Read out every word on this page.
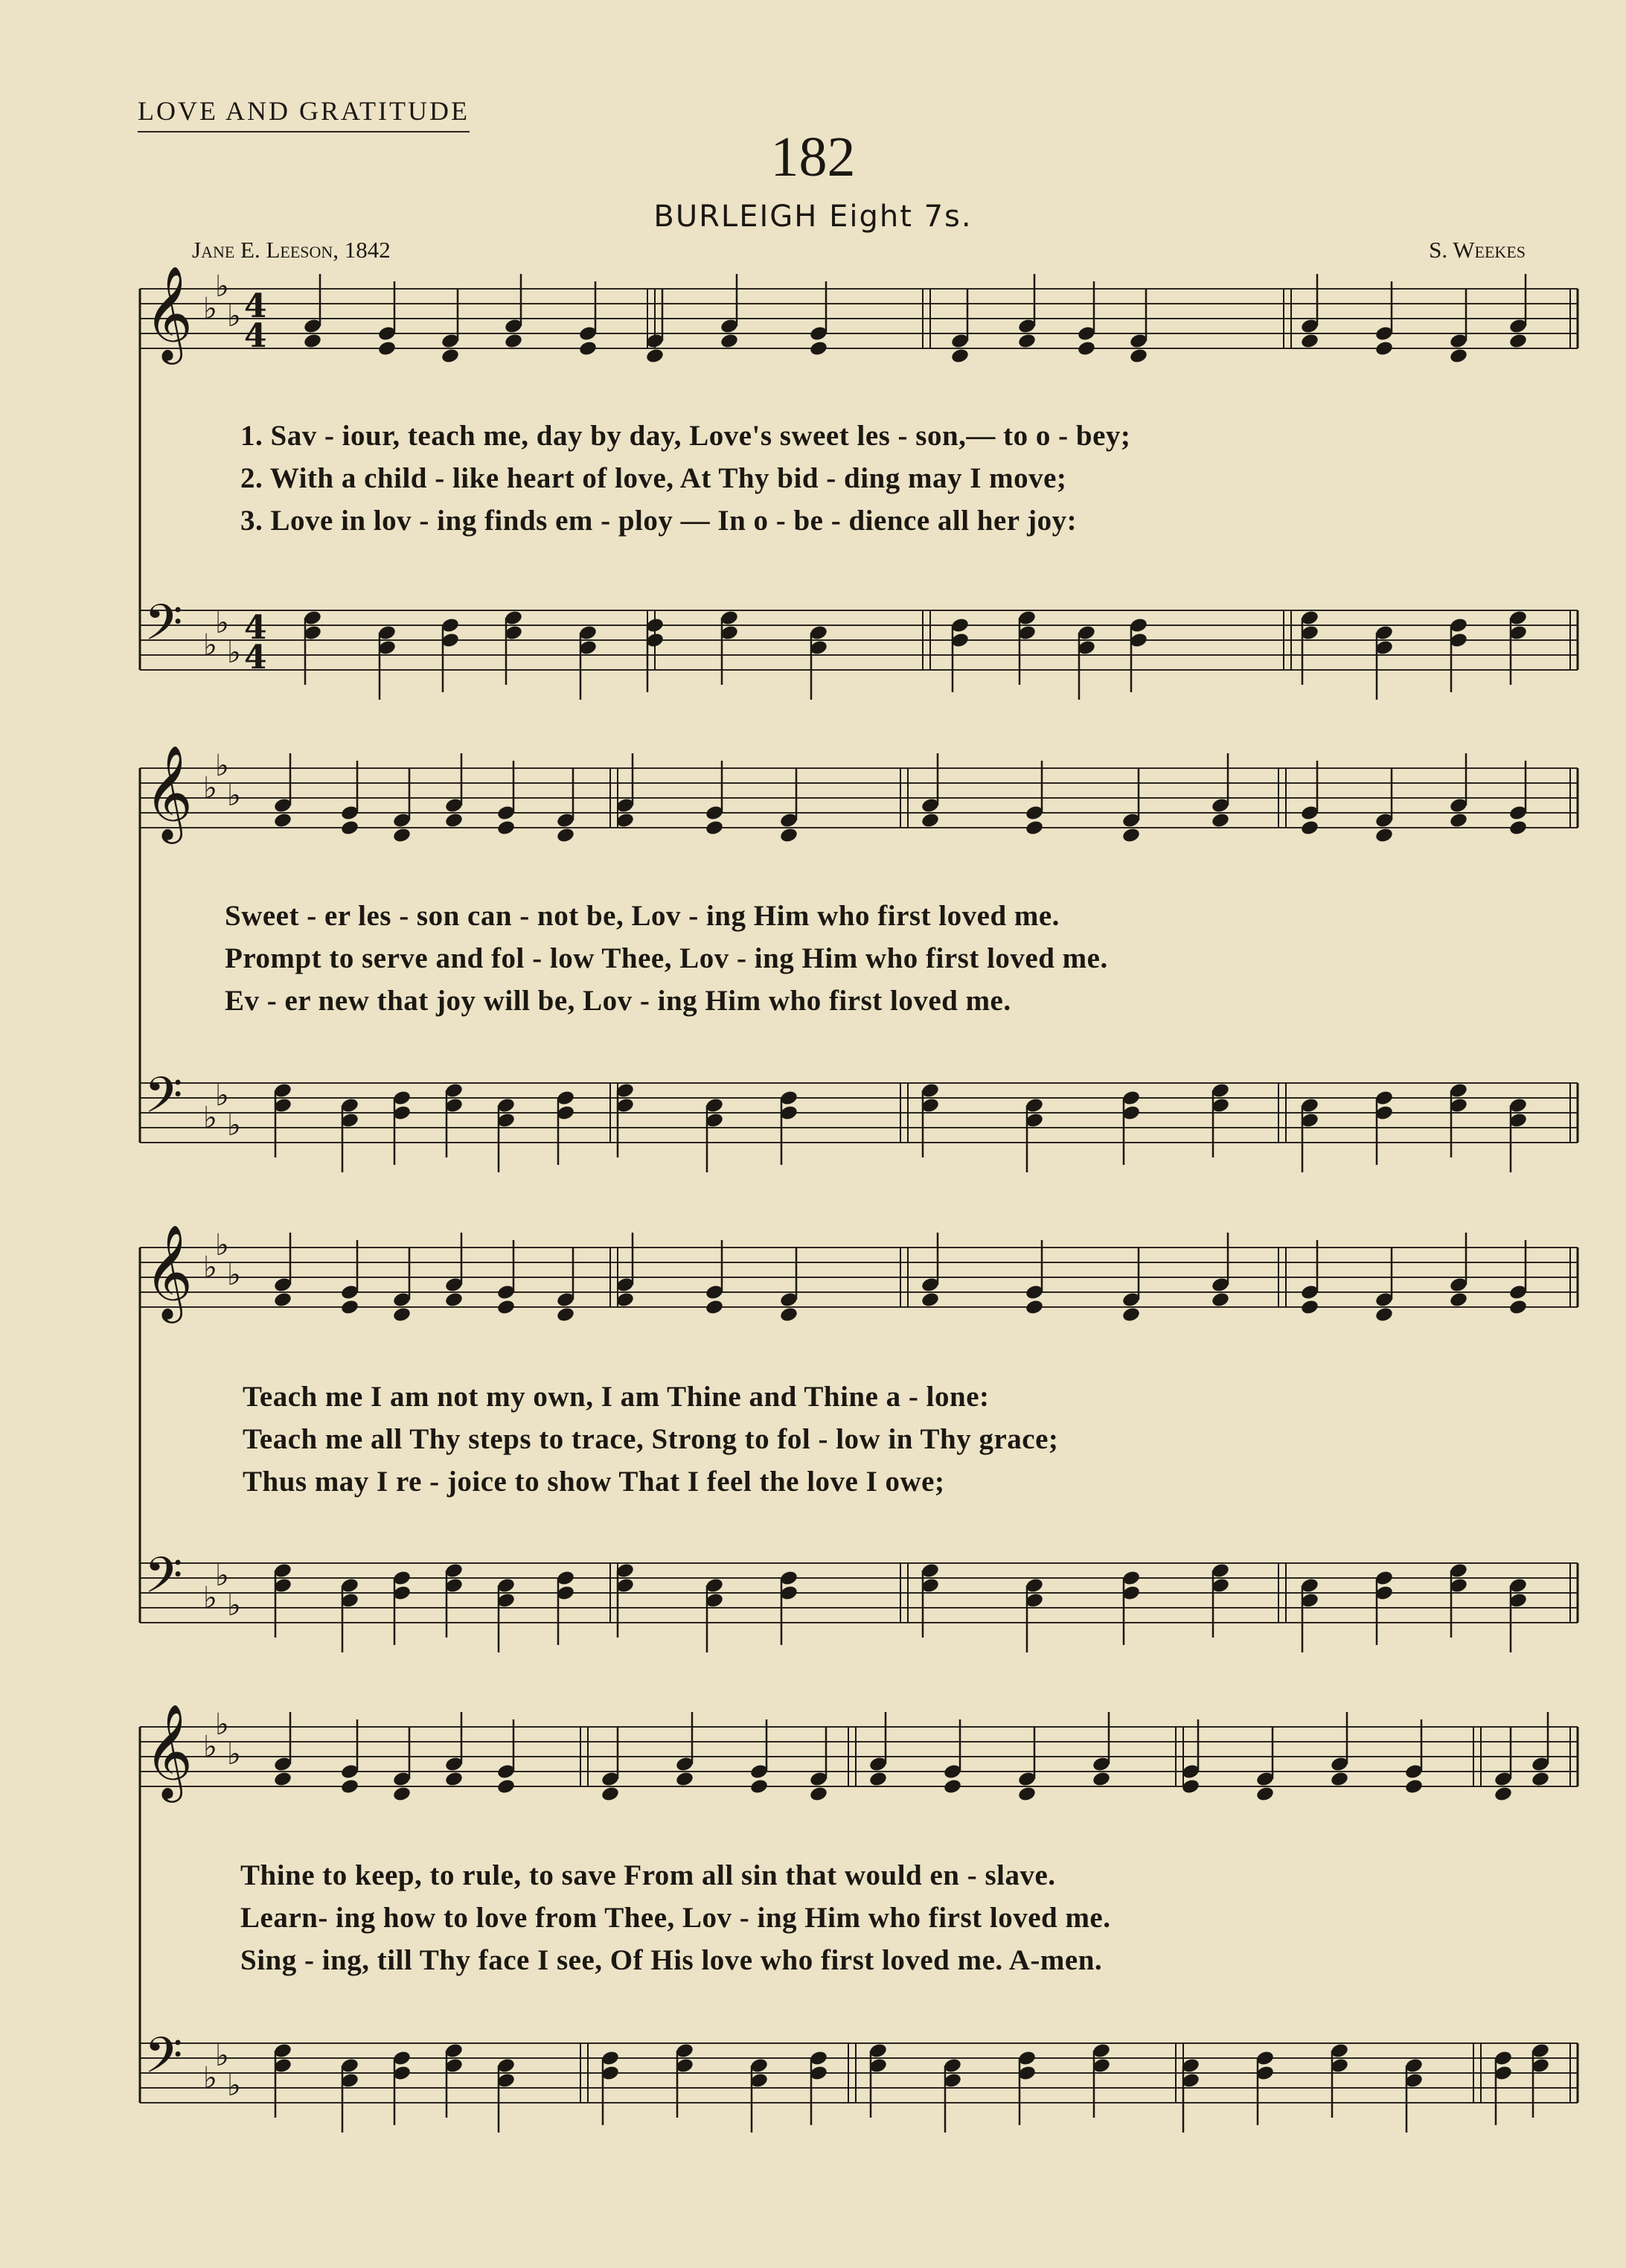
LOVE AND GRATITUDE
182
BURLEIGH Eight 7s.
Jane E. Leeson, 1842	S. Weekes
𝄞 ♭
♭
♭ 4
4
𝄢 ♭
♭
♭
4
4
𝄞 ♭
♭
♭
𝄢 ♭
♭
♭
𝄞 ♭
♭
♭
𝄢 ♭
♭
♭
𝄞 ♭
♭
♭
𝄢 ♭
♭
♭
1. Sav - iour, teach me, day by day, Love's sweet les - son,— to o - bey;
2. With a child - like heart of love, At Thy bid - ding may I move;
3. Love in lov - ing finds em - ploy — In o - be - dience all her joy:
Sweet - er les - son can - not be, Lov - ing Him who first loved me.
Prompt to serve and fol - low Thee, Lov - ing Him who first loved me.
Ev - er new that joy will be, Lov - ing Him who first loved me.
Teach me I am not my own, I am Thine and Thine a - lone:
Teach me all Thy steps to trace, Strong to fol - low in Thy grace;
Thus may I re - joice to show That I feel the love I owe;
Thine to keep, to rule, to save From all sin that would en - slave.
Learn- ing how to love from Thee, Lov - ing Him who first loved me.
Sing - ing, till Thy face I see, Of His love who first loved me. A-men.
